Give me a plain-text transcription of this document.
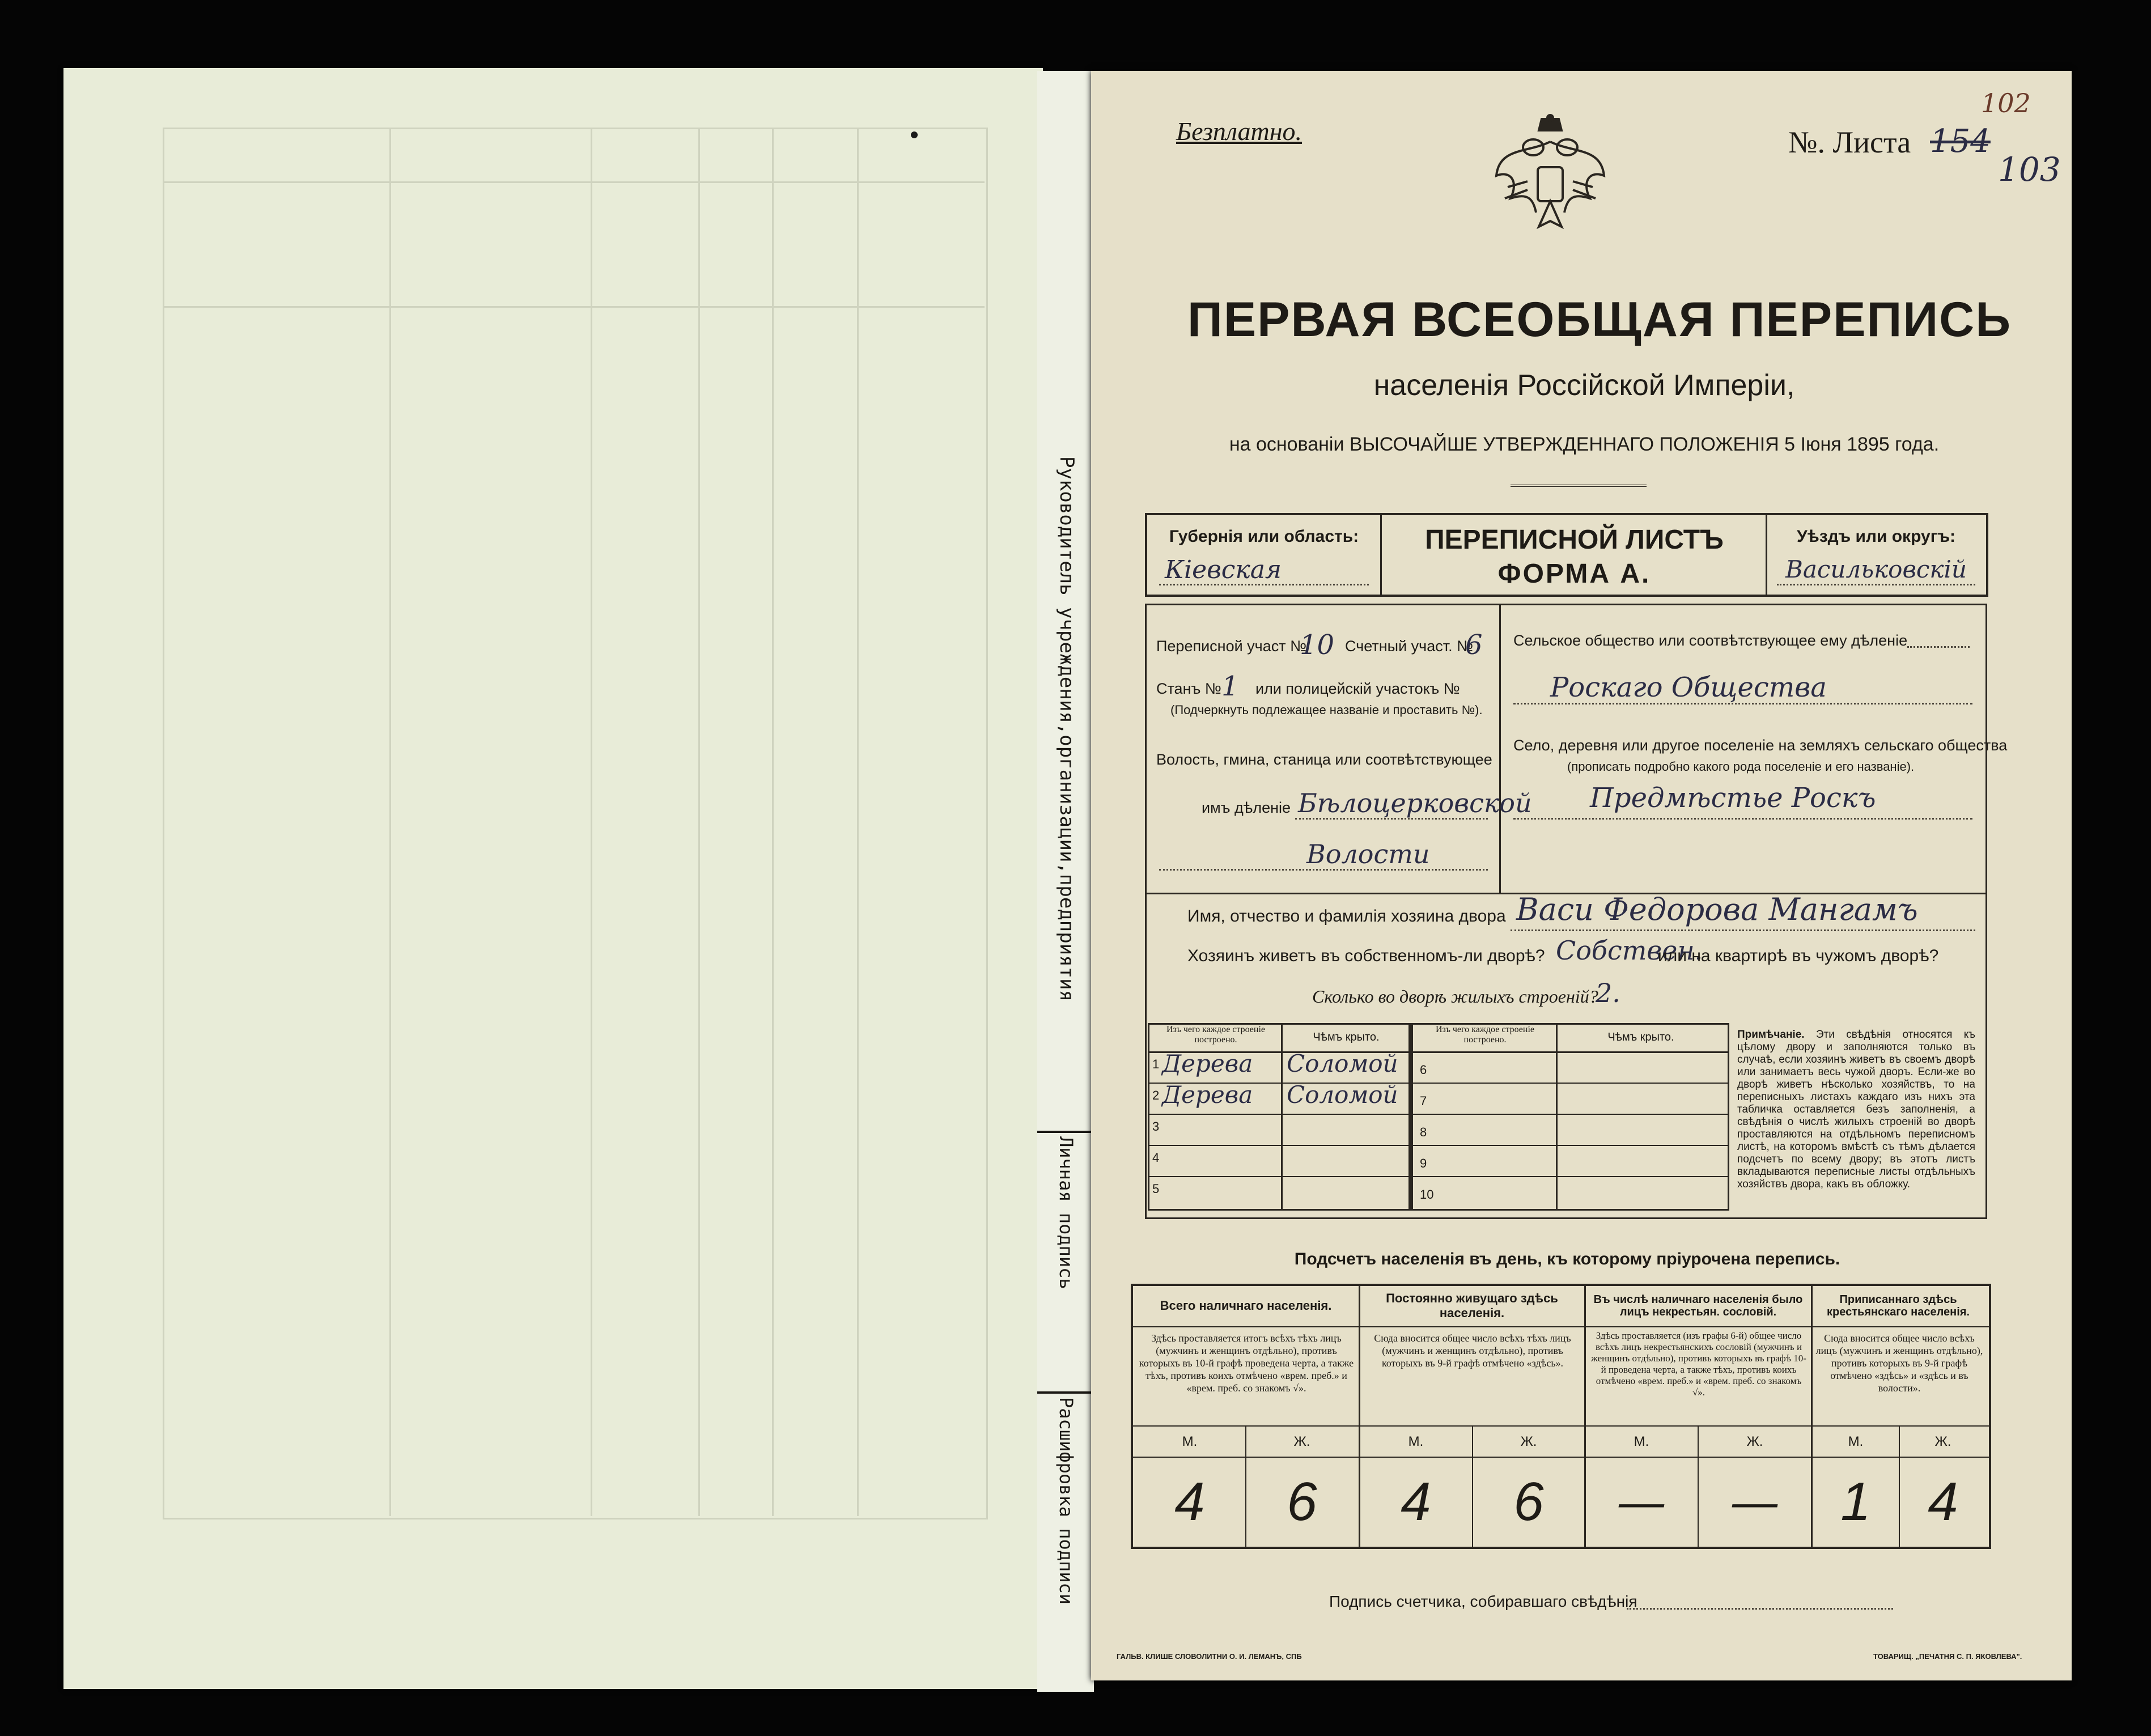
Руководитель учреждения,организации,предприятия
Личная подпись
Расшифровка подписи
Безплатно.	№. Листа 154
102
103
ПЕРВАЯ ВСЕОБЩАЯ ПЕРЕПИСЬ
населенія Россійской Имперіи,
на основаніи ВЫСОЧАЙШЕ УТВЕРЖДЕННАГО ПОЛОЖЕНІЯ 5 Іюня 1895 года.
Губернія или область:
Кіевская
ПЕРЕПИСНОЙ ЛИСТЪ
ФОРМА А.
Уѣздъ или округъ:
Васильковскій
Переписной участ №
10 Счетный участ. №
6
Станъ № 1 или полицейскій участокъ №
(Подчеркнуть подлежащее названіе и проставить №).
Волость, гмина, станица или соотвѣтствующее
имъ дѣленіе Бѣлоцерковской
Волости
Сельское общество или соотвѣтствующее ему дѣленіе
Роскаго Общества
Село, деревня или другое поселеніе на земляхъ сельскаго общества
(прописать подробно какого рода поселеніе и его названіе).
Предмѣстье Роскъ
Имя, отчество и фамилія хозяина двора Васи Федорова Мангамъ
Хозяинъ живетъ въ собственномъ-ли дворѣ? Собствен.
или на квартирѣ въ чужомъ дворѣ?
Сколько во дворѣ жилыхъ строеній?
2.
Изъ чего каждое строеніе построено.	Чѣмъ крыто.
Изъ чего каждое строеніе построено.	Чѣмъ крыто.
1 Дерева Соломой
2 Дерева Соломой
3
4
5
6
7
8
9
10
Примѣчаніе. Эти свѣдѣнія относятся къ цѣлому двору и заполняются только въ случаѣ, если хозяинъ живетъ въ своемъ дворѣ или занимаетъ весь чужой дворъ. Если-же во дворѣ живетъ нѣсколько хозяйствъ, то на переписныхъ листахъ каждаго изъ нихъ эта табличка оставляется безъ заполненія, а свѣдѣнія о числѣ жилыхъ строеній во дворѣ проставляются на отдѣльномъ переписномъ листѣ, на которомъ вмѣстѣ съ тѣмъ дѣлается подсчетъ по всему двору; въ этотъ листъ вкладываются переписные листы отдѣльныхъ хозяйствъ двора, какъ въ обложку.
Подсчетъ населенія въ день, къ которому пріурочена перепись.
Всего наличнаго населенія.
Здѣсь проставляется итогъ всѣхъ тѣхъ лицъ (мужчинъ и женщинъ отдѣльно), противъ которыхъ въ 10-й графѣ проведена черта, а также тѣхъ, противъ коихъ отмѣчено «врем. преб.» и «врем. преб. со знакомъ √».
М.	Ж.
4	6
Постоянно живущаго здѣсь населенія.
Сюда вносится общее число всѣхъ тѣхъ лицъ (мужчинъ и женщинъ отдѣльно), противъ которыхъ въ 9-й графѣ отмѣчено «здѣсь».
М.	Ж.
4	6
Въ числѣ наличнаго населенія было лицъ некрестьян. сословій.
Здѣсь проставляется (изъ графы 6-й) общее число всѣхъ лицъ некрестьянскихъ сословій (мужчинъ и женщинъ отдѣльно), противъ которыхъ въ графѣ 10-й проведена черта, а также тѣхъ, противъ коихъ отмѣчено «врем. преб.» и «врем. преб. со знакомъ √».
М.	Ж.
—	—
Приписаннаго здѣсь крестьянскаго населенія.
Сюда вносится общее число всѣхъ лицъ (мужчинъ и женщинъ отдѣльно), противъ которыхъ въ 9-й графѣ отмѣчено «здѣсь» и «здѣсь и въ волости».
М.	Ж.
1	4
Подпись счетчика, собиравшаго свѣдѣнія
ГАЛЬВ. КЛИШЕ СЛОВОЛИТНИ О. И. ЛЕМАНЪ, СПБ	ТОВАРИЩ. „ПЕЧАТНЯ С. П. ЯКОВЛЕВА".
